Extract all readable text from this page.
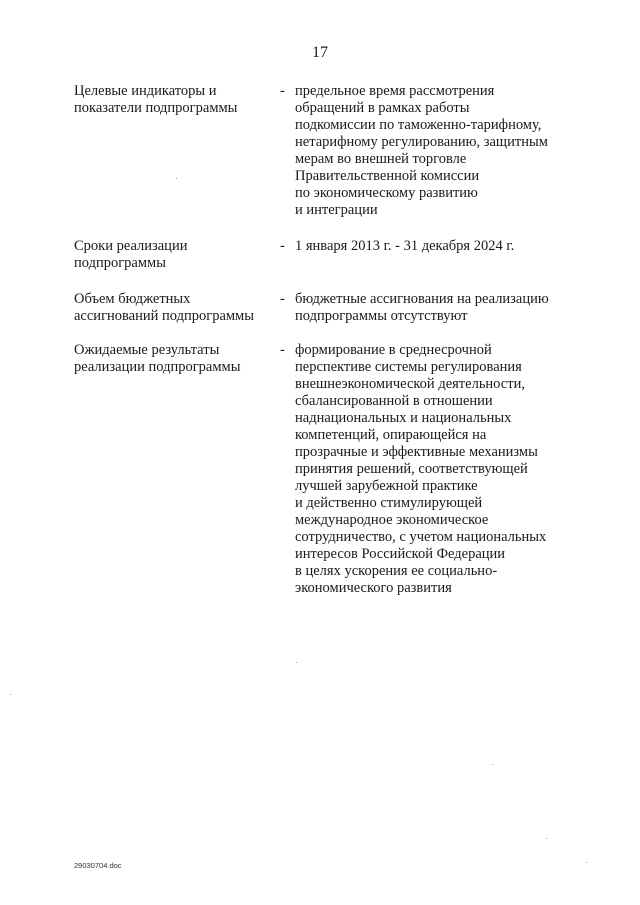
17
Целевые индикаторы и
показатели подпрограммы
- предельное время рассмотрения
обращений в рамках работы
подкомиссии по таможенно-тарифному,
нетарифному регулированию, защитным
мерам во внешней торговле
Правительственной комиссии
по экономическому развитию
и интеграции
Сроки реализации
подпрограммы
- 1 января 2013 г. - 31 декабря 2024 г.
Объем бюджетных
ассигнований подпрограммы
- бюджетные ассигнования на реализацию
подпрограммы отсутствуют
Ожидаемые результаты
реализации подпрограммы
- формирование в среднесрочной
перспективе системы регулирования
внешнеэкономической деятельности,
сбалансированной в отношении
наднациональных и национальных
компетенций, опирающейся на
прозрачные и эффективные механизмы
принятия решений, соответствующей
лучшей зарубежной практике
и действенно стимулирующей
международное экономическое
сотрудничество, с учетом национальных
интересов Российской Федерации
в целях ускорения ее социально-
экономического развития
29030704.doc
